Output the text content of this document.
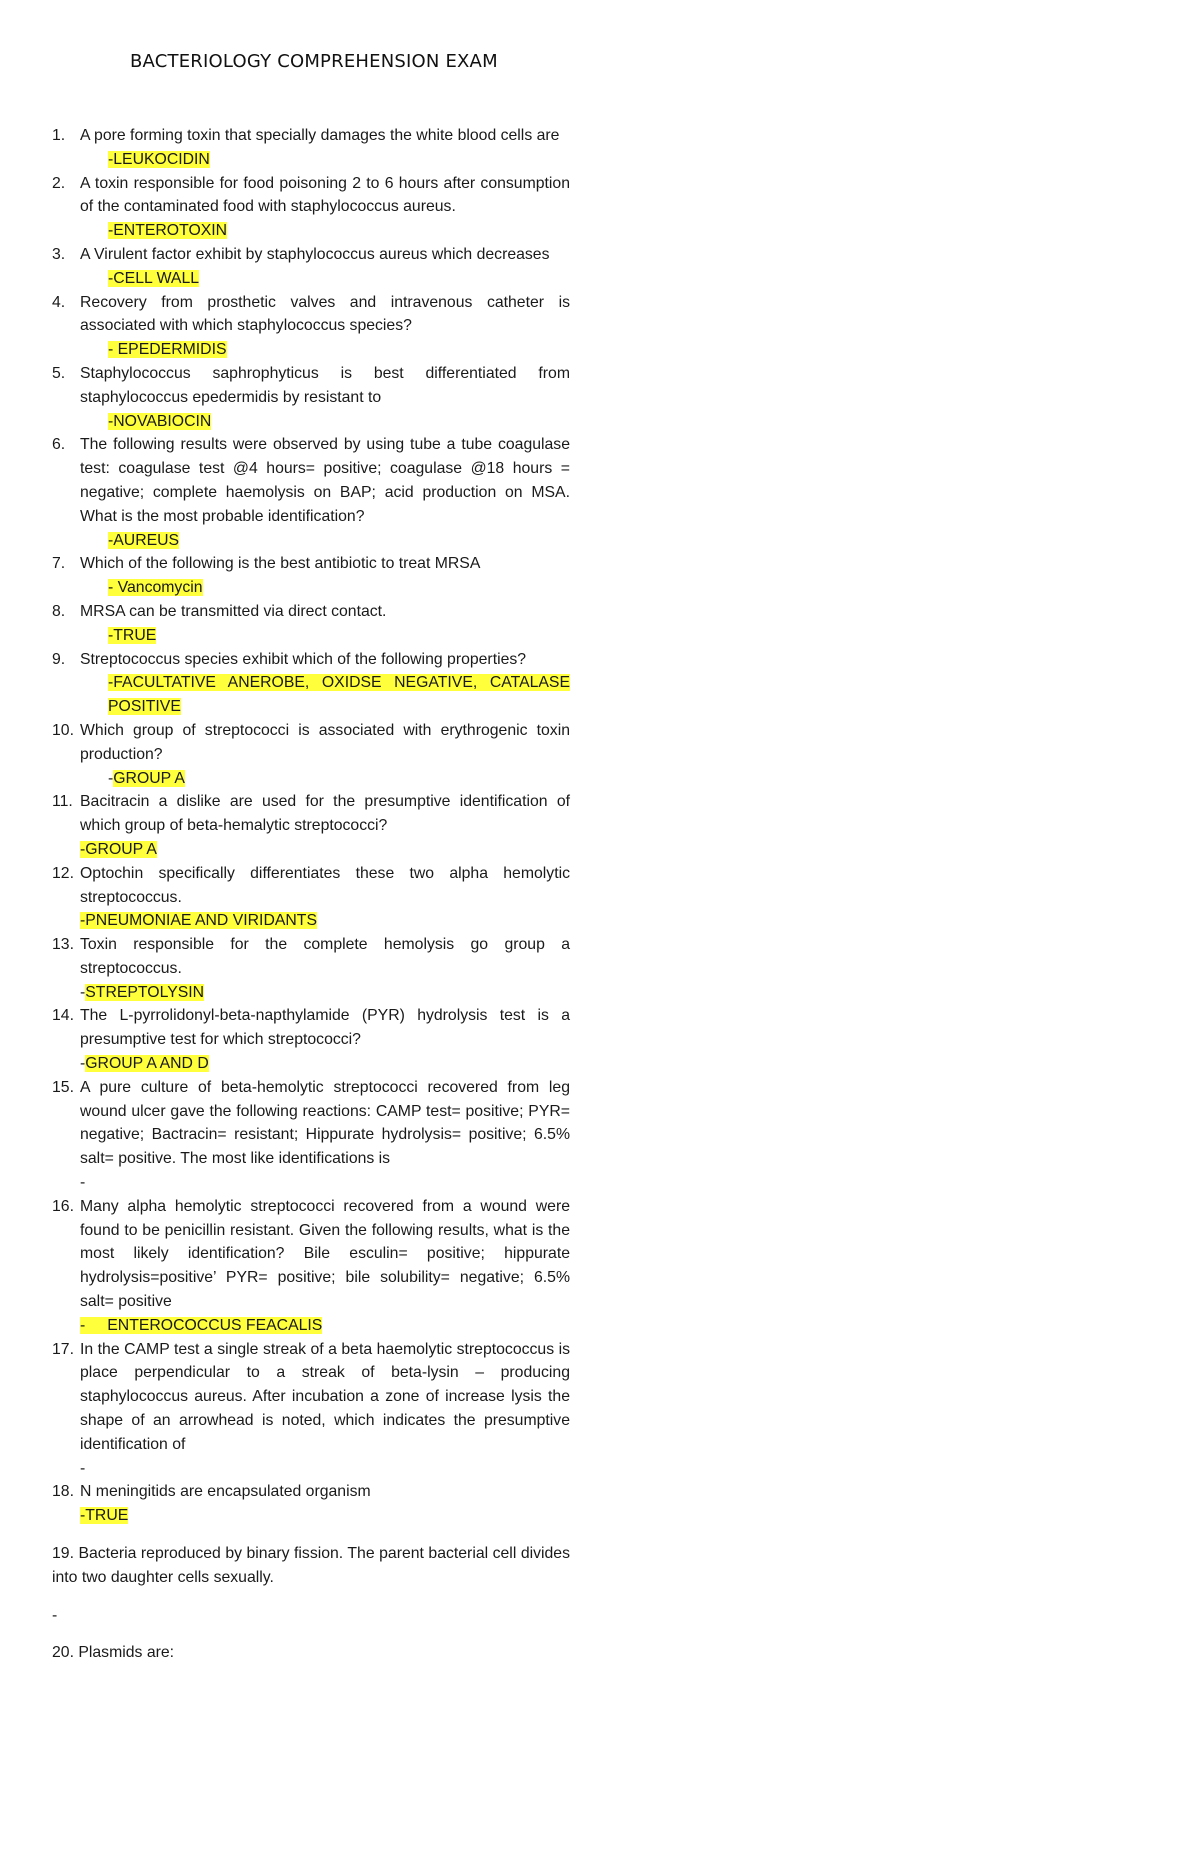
BACTERIOLOGY COMPREHENSION EXAM
1. A pore forming toxin that specially damages the white blood cells are
-LEUKOCIDIN
2. A toxin responsible for food poisoning 2 to 6 hours after consumption of the contaminated food with staphylococcus aureus.
-ENTEROTOXIN
3. A Virulent factor exhibit by staphylococcus aureus which decreases
-CELL WALL
4. Recovery from prosthetic valves and intravenous catheter is associated with which staphylococcus species?
- EPEDERMIDIS
5. Staphylococcus saphrophyticus is best differentiated from staphylococcus epedermidis by resistant to
-NOVABIOCIN
6. The following results were observed by using tube a tube coagulase test: coagulase test @4 hours= positive; coagulase @18 hours = negative; complete haemolysis on BAP; acid production on MSA. What is the most probable identification?
-AUREUS
7. Which of the following is the best antibiotic to treat MRSA
- Vancomycin
8. MRSA can be transmitted via direct contact.
-TRUE
9. Streptococcus species exhibit which of the following properties?
-FACULTATIVE ANEROBE, OXIDSE NEGATIVE, CATALASE POSITIVE
10. Which group of streptococci is associated with erythrogenic toxin production?
-GROUP A
11. Bacitracin a dislike are used for the presumptive identification of which group of beta-hemalytic streptococci?
-GROUP A
12. Optochin specifically differentiates these two alpha hemolytic streptococcus.
-PNEUMONIAE AND VIRIDANTS
13. Toxin responsible for the complete hemolysis go group a streptococcus.
-STREPTOLYSIN
14. The L-pyrrolidonyl-beta-napthylamide (PYR) hydrolysis test is a presumptive test for which streptococci?
-GROUP A AND D
15. A pure culture of beta-hemolytic streptococci recovered from leg wound ulcer gave the following reactions: CAMP test= positive; PYR= negative; Bactracin= resistant; Hippurate hydrolysis= positive; 6.5% salt= positive. The most like identifications is
-
16. Many alpha hemolytic streptococci recovered from a wound were found to be penicillin resistant. Given the following results, what is the most likely identification? Bile esculin= positive; hippurate hydrolysis=positive’ PYR= positive; bile solubility= negative; 6.5% salt= positive
- ENTEROCOCCUS FEACALIS
17. In the CAMP test a single streak of a beta haemolytic streptococcus is place perpendicular to a streak of beta-lysin – producing staphylococcus aureus. After incubation a zone of increase lysis the shape of an arrowhead is noted, which indicates the presumptive identification of
-
18. N meningitids are encapsulated organism
-TRUE
19. Bacteria reproduced by binary fission. The parent bacterial cell divides into two daughter cells sexually.
-
20. Plasmids are:
